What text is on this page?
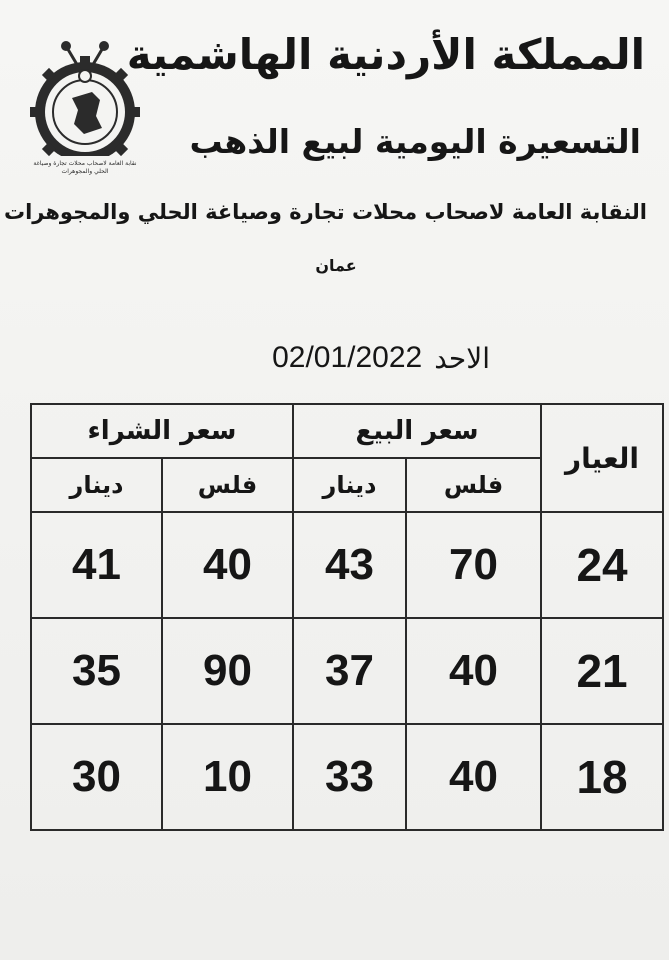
نقابة العامة لاصحاب محلات تجارة وصياغة
الحلي والمجوهرات
المملكة الأردنية الهاشمية
التسعيرة اليومية لبيع الذهب
النقابة العامة لاصحاب محلات تجارة وصياغة الحلي والمجوهرات
عمان
الاحد
02/01/2022
العيار	سعر البيع		سعر الشراء	
	فلس	دينار	فلس	دينار
24	70	43	40	41
21	40	37	90	35
18	40	33	10	30
